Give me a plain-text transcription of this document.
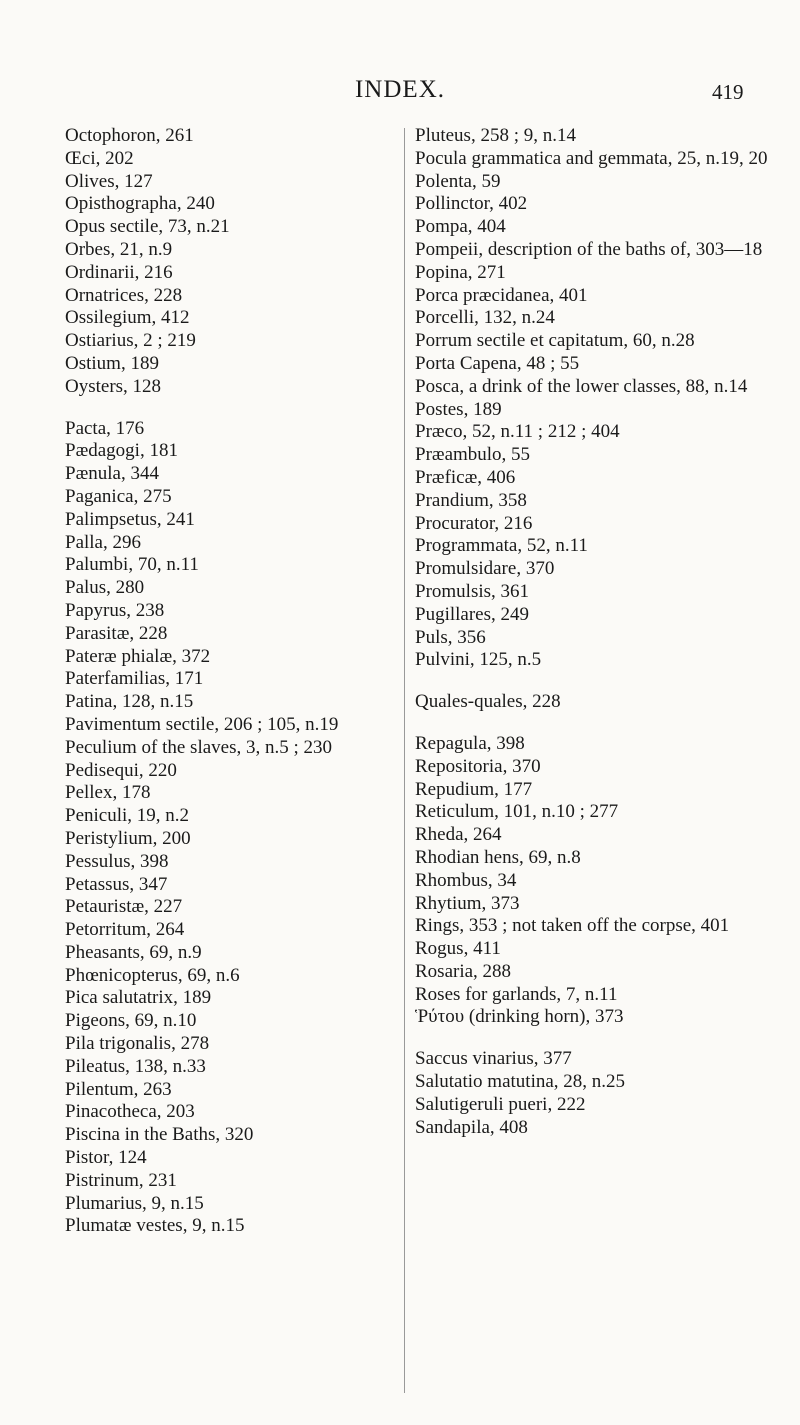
INDEX.	419
Octophoron, 261
Œci, 202
Olives, 127
Opisthographa, 240
Opus sectile, 73, n.21
Orbes, 21, n.9
Ordinarii, 216
Ornatrices, 228
Ossilegium, 412
Ostiarius, 2 ; 219
Ostium, 189
Oysters, 128
Pacta, 176
Pædagogi, 181
Pænula, 344
Paganica, 275
Palimpsetus, 241
Palla, 296
Palumbi, 70, n.11
Palus, 280
Papyrus, 238
Parasitæ, 228
Pateræ phialæ, 372
Paterfamilias, 171
Patina, 128, n.15
Pavimentum sectile, 206 ; 105, n.19
Peculium of the slaves, 3, n.5 ; 230
Pedisequi, 220
Pellex, 178
Peniculi, 19, n.2
Peristylium, 200
Pessulus, 398
Petassus, 347
Petauristæ, 227
Petorritum, 264
Pheasants, 69, n.9
Phœnicopterus, 69, n.6
Pica salutatrix, 189
Pigeons, 69, n.10
Pila trigonalis, 278
Pileatus, 138, n.33
Pilentum, 263
Pinacotheca, 203
Piscina in the Baths, 320
Pistor, 124
Pistrinum, 231
Plumarius, 9, n.15
Plumatæ vestes, 9, n.15
Pluteus, 258 ; 9, n.14
Pocula grammatica and gemmata, 25, n.19, 20
Polenta, 59
Pollinctor, 402
Pompa, 404
Pompeii, description of the baths of, 303—18
Popina, 271
Porca præcidanea, 401
Porcelli, 132, n.24
Porrum sectile et capitatum, 60, n.28
Porta Capena, 48 ; 55
Posca, a drink of the lower classes, 88, n.14
Postes, 189
Præco, 52, n.11 ; 212 ; 404
Præambulo, 55
Præficæ, 406
Prandium, 358
Procurator, 216
Programmata, 52, n.11
Promulsidare, 370
Promulsis, 361
Pugillares, 249
Puls, 356
Pulvini, 125, n.5
Quales-quales, 228
Repagula, 398
Repositoria, 370
Repudium, 177
Reticulum, 101, n.10 ; 277
Rheda, 264
Rhodian hens, 69, n.8
Rhombus, 34
Rhytium, 373
Rings, 353 ; not taken off the corpse, 401
Rogus, 411
Rosaria, 288
Roses for garlands, 7, n.11
Ῥύτου (drinking horn), 373
Saccus vinarius, 377
Salutatio matutina, 28, n.25
Salutigeruli pueri, 222
Sandapila, 408
